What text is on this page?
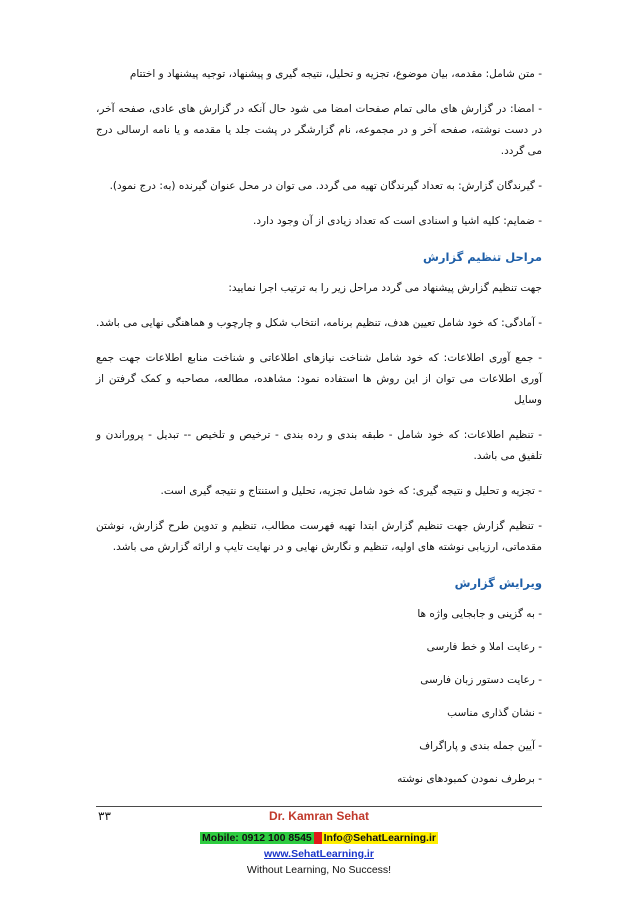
- متن شامل: مقدمه، بیان موضوع، تجزیه و تحلیل، نتیجه گیری و پیشنهاد، توجیه پیشنهاد و اختتام

- امضا: در گزارش های مالی تمام صفحات امضا می شود حال آنکه در گزارش های عادی، صفحه آخر، در دست نوشته، صفحه آخر و در مجموعه، نام گزارشگر در پشت جلد یا مقدمه و یا نامه ارسالی درج می گردد.

- گیرندگان گزارش: به تعداد گیرندگان تهیه می گردد. می توان در محل عنوان گیرنده (به: درج نمود).

- ضمایم: کلیه اشیا و اسنادی است که تعداد زیادی از آن وجود دارد.

مراحل تنظیم گزارش

جهت تنظیم گزارش پیشنهاد می گردد مراحل زیر را به ترتیب اجرا نمایید:

- آمادگی: که خود شامل تعیین هدف، تنظیم برنامه، انتخاب شکل و چارچوب و هماهنگی نهایی می باشد.

- جمع آوری اطلاعات: که خود شامل شناخت نیازهای اطلاعاتی و شناخت منابع اطلاعات جهت جمع آوری اطلاعات می توان از این روش ها استفاده نمود: مشاهده، مطالعه، مصاحبه و کمک گرفتن از وسایل

- تنظیم اطلاعات: که خود شامل - طبقه بندی و رده بندی - ترخیص و تلخیص -- تبدیل - پروراندن و تلفیق می باشد.

- تجزیه و تحلیل و نتیجه گیری: که خود شامل تجزیه، تحلیل و استنتاج و نتیجه گیری است.

- تنظیم گزارش جهت تنظیم گزارش ابتدا تهیه فهرست مطالب، تنظیم و تدوین طرح گزارش، نوشتن مقدماتی، ارزیابی نوشته های اولیه، تنظیم و نگارش نهایی و در نهایت تایپ و ارائه گزارش می باشد.

ویرایش گزارش
- به گزینی و جابجایی واژه ها
- رعایت املا و خط فارسی
- رعایت دستور زبان فارسی
- نشان گذاری مناسب
- آیین جمله بندی و پاراگراف
- برطرف نمودن کمبودهای نوشته
۳۳	Dr. Kamran Sehat
Mobile: 0912 100 8545 _ Info@SehatLearning.ir
www.SehatLearning.ir
Without Learning, No Success!
